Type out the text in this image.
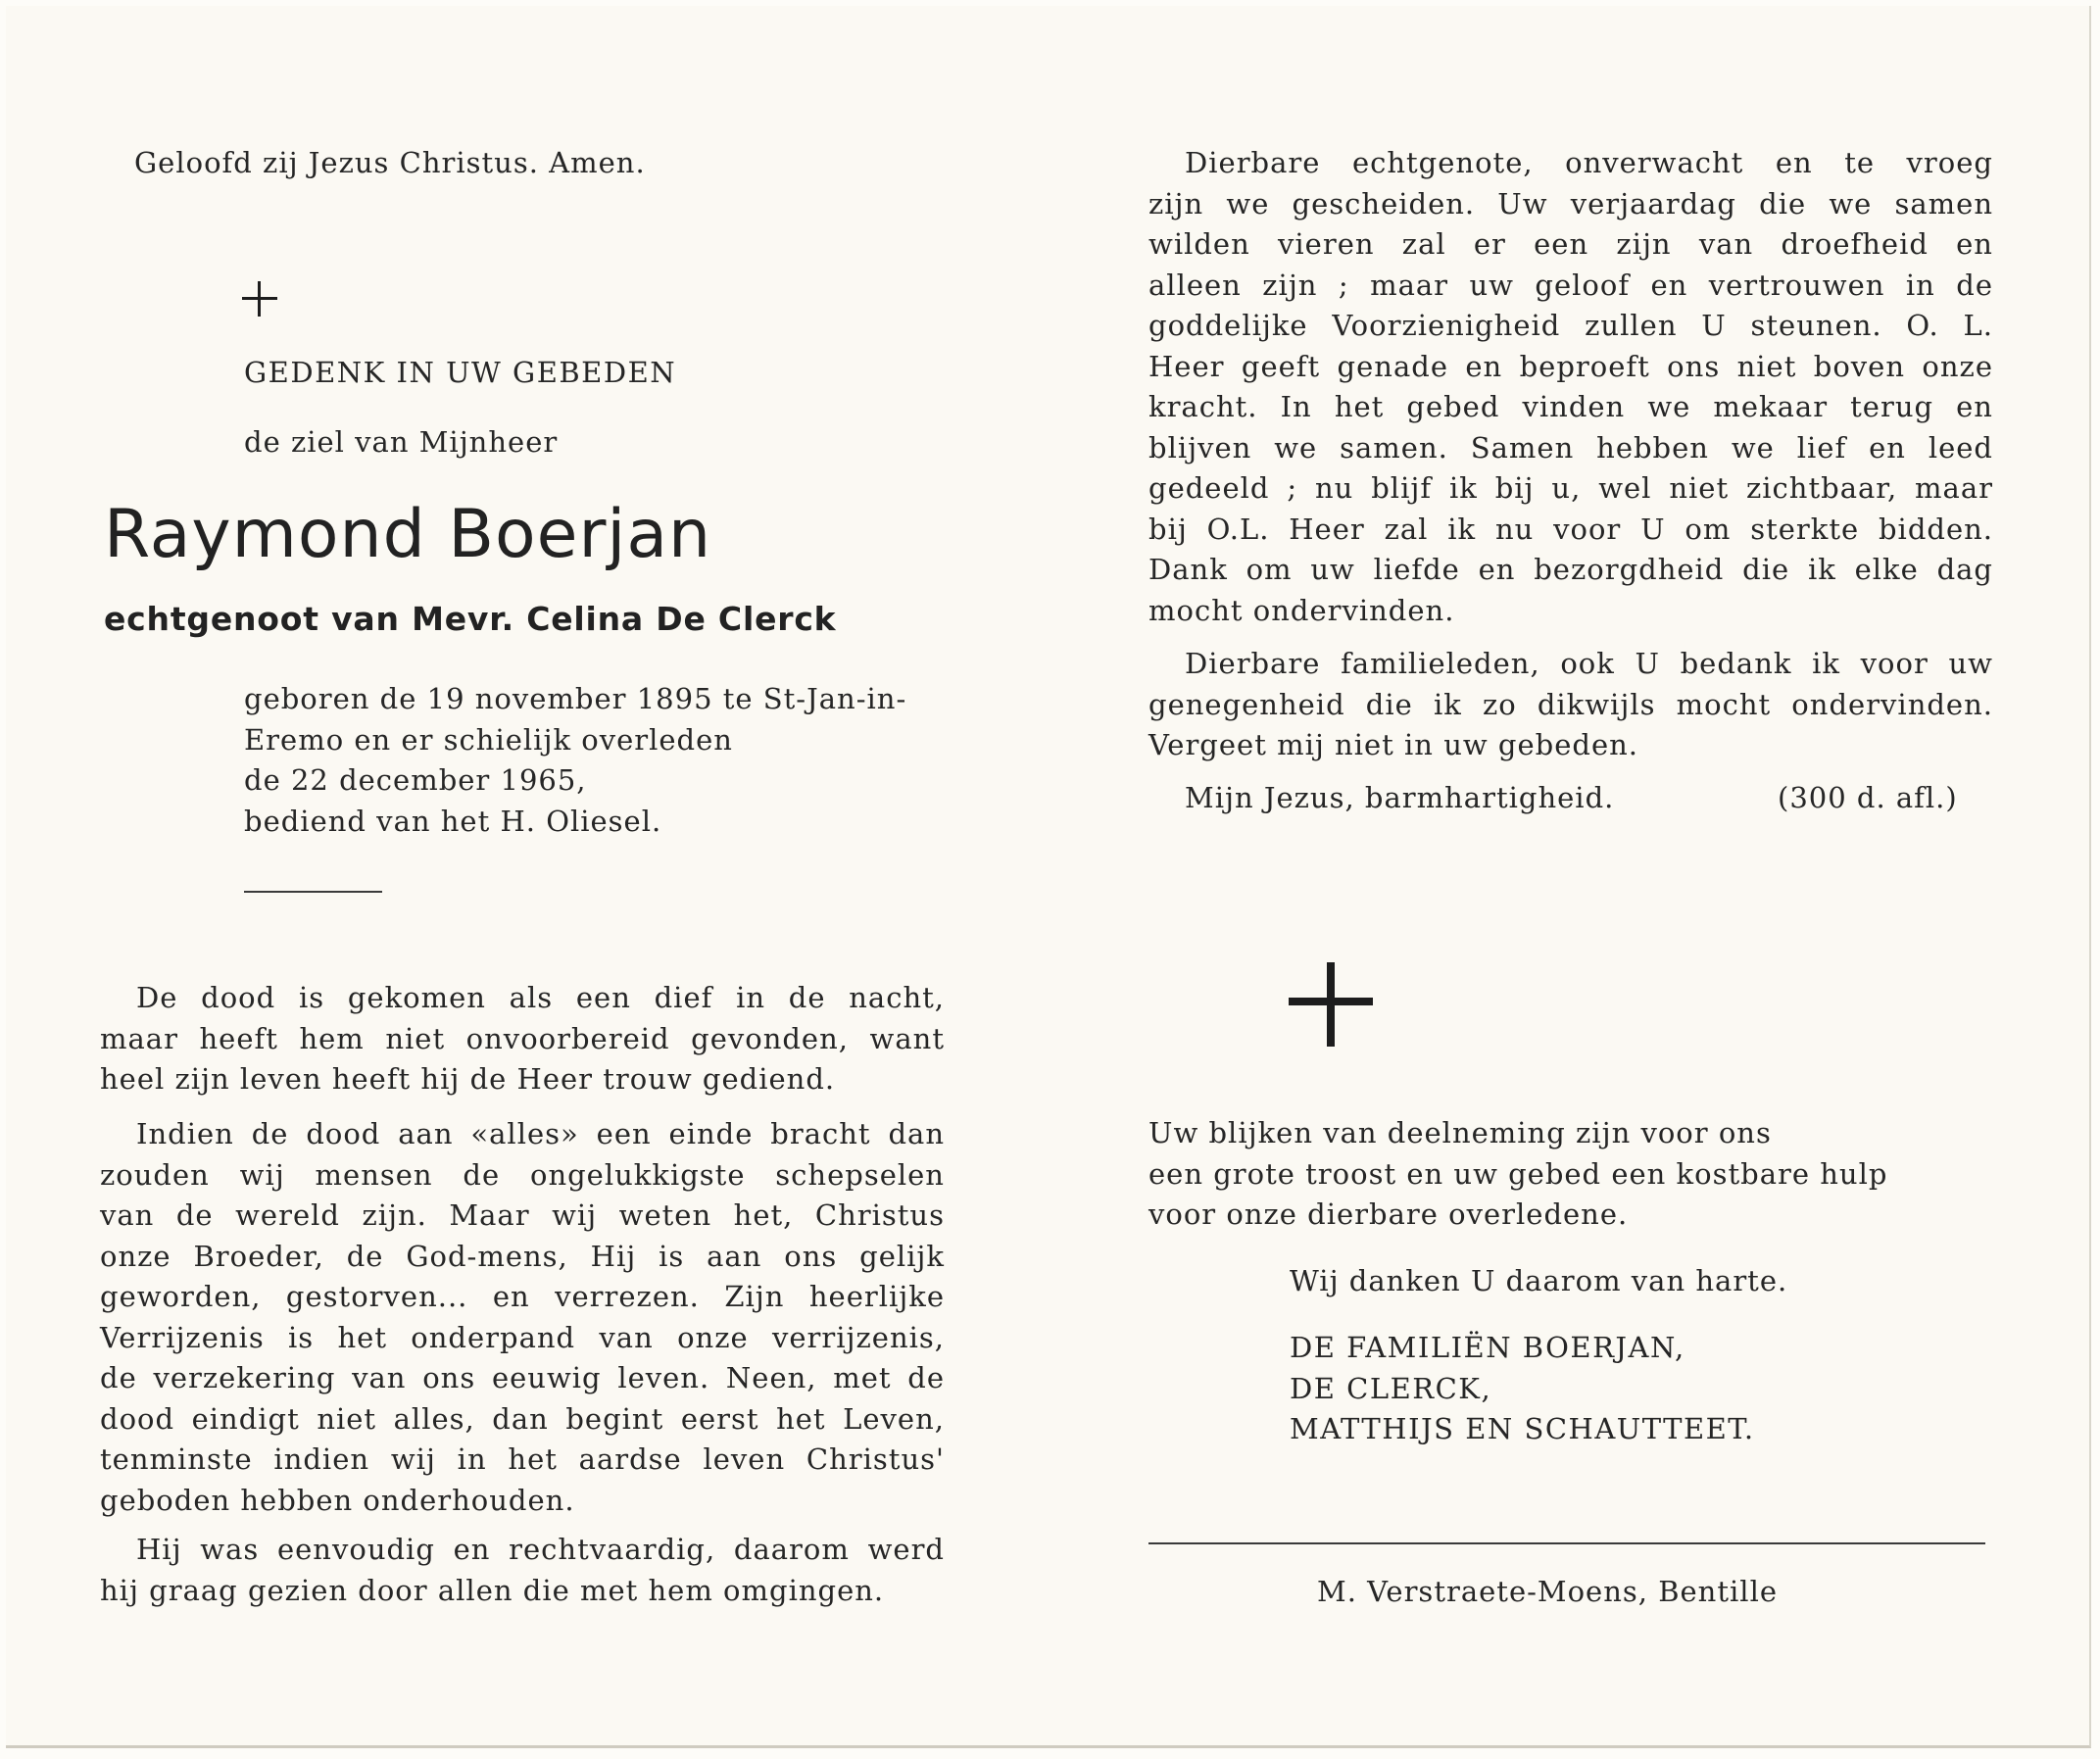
Geloofd zij Jezus Christus. Amen.
GEDENK IN UW GEBEDEN
de ziel van Mijnheer
Raymond Boerjan
echtgenoot van Mevr. Celina De Clerck
geboren de 19 november 1895 te St-Jan-in-
Eremo en er schielijk overleden
de 22 december 1965,
bediend van het H. Oliesel.
De dood is gekomen als een dief in de nacht,
maar heeft hem niet onvoorbereid gevonden, want
heel zijn leven heeft hij de Heer trouw gediend.
Indien de dood aan «alles» een einde bracht dan
zouden wij mensen de ongelukkigste schepselen
van de wereld zijn. Maar wij weten het, Christus
onze Broeder, de God-mens, Hij is aan ons gelijk
geworden, gestorven... en verrezen. Zijn heerlijke
Verrijzenis is het onderpand van onze verrijzenis,
de verzekering van ons eeuwig leven. Neen, met de
dood eindigt niet alles, dan begint eerst het Leven,
tenminste indien wij in het aardse leven Christus'
geboden hebben onderhouden.
Hij was eenvoudig en rechtvaardig, daarom werd
hij graag gezien door allen die met hem omgingen.
Dierbare echtgenote, onverwacht en te vroeg
zijn we gescheiden. Uw verjaardag die we samen
wilden vieren zal er een zijn van droefheid en
alleen zijn ; maar uw geloof en vertrouwen in de
goddelijke Voorzienigheid zullen U steunen. O. L.
Heer geeft genade en beproeft ons niet boven onze
kracht. In het gebed vinden we mekaar terug en
blijven we samen. Samen hebben we lief en leed
gedeeld ; nu blijf ik bij u, wel niet zichtbaar, maar
bij O.L. Heer zal ik nu voor U om sterkte bidden.
Dank om uw liefde en bezorgdheid die ik elke dag
mocht ondervinden.
Dierbare familieleden, ook U bedank ik voor uw
genegenheid die ik zo dikwijls mocht ondervinden.
Vergeet mij niet in uw gebeden.
Mijn Jezus, barmhartigheid.	(300 d. afl.)
Uw blijken van deelneming zijn voor ons
een grote troost en uw gebed een kostbare hulp
voor onze dierbare overledene.
Wij danken U daarom van harte.
DE FAMILIËN BOERJAN,
DE CLERCK,
MATTHIJS EN SCHAUTTEET.
M. Verstraete-Moens, Bentille
